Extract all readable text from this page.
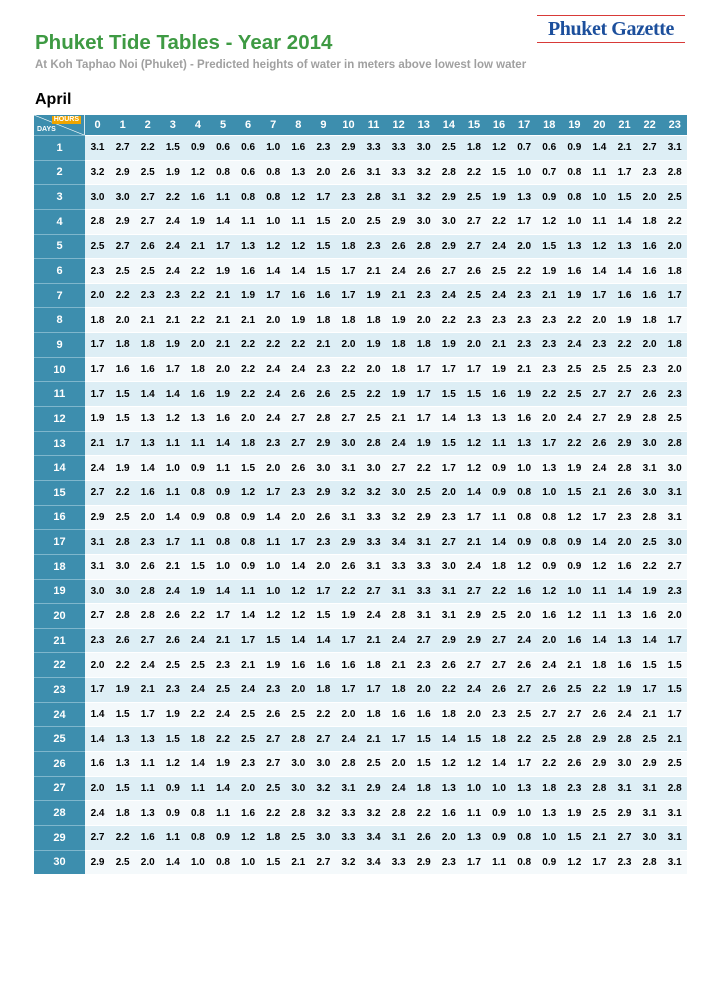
Phuket Tide Tables - Year 2014

At Koh Taphao Noi (Phuket) - Predicted heights of water in meters above lowest low water

Phuket Gazette
April
HOURS
DAYS	0	1	2	3	4	5	6	7	8	9	10	11	12	13	14	15	16	17	18	19	20	21	22	23
1	3.1	2.7	2.2	1.5	0.9	0.6	0.6	1.0	1.6	2.3	2.9	3.3	3.3	3.0	2.5	1.8	1.2	0.7	0.6	0.9	1.4	2.1	2.7	3.1
2	3.2	2.9	2.5	1.9	1.2	0.8	0.6	0.8	1.3	2.0	2.6	3.1	3.3	3.2	2.8	2.2	1.5	1.0	0.7	0.8	1.1	1.7	2.3	2.8
3	3.0	3.0	2.7	2.2	1.6	1.1	0.8	0.8	1.2	1.7	2.3	2.8	3.1	3.2	2.9	2.5	1.9	1.3	0.9	0.8	1.0	1.5	2.0	2.5
4	2.8	2.9	2.7	2.4	1.9	1.4	1.1	1.0	1.1	1.5	2.0	2.5	2.9	3.0	3.0	2.7	2.2	1.7	1.2	1.0	1.1	1.4	1.8	2.2
5	2.5	2.7	2.6	2.4	2.1	1.7	1.3	1.2	1.2	1.5	1.8	2.3	2.6	2.8	2.9	2.7	2.4	2.0	1.5	1.3	1.2	1.3	1.6	2.0
6	2.3	2.5	2.5	2.4	2.2	1.9	1.6	1.4	1.4	1.5	1.7	2.1	2.4	2.6	2.7	2.6	2.5	2.2	1.9	1.6	1.4	1.4	1.6	1.8
7	2.0	2.2	2.3	2.3	2.2	2.1	1.9	1.7	1.6	1.6	1.7	1.9	2.1	2.3	2.4	2.5	2.4	2.3	2.1	1.9	1.7	1.6	1.6	1.7
8	1.8	2.0	2.1	2.1	2.2	2.1	2.1	2.0	1.9	1.8	1.8	1.8	1.9	2.0	2.2	2.3	2.3	2.3	2.3	2.2	2.0	1.9	1.8	1.7
9	1.7	1.8	1.8	1.9	2.0	2.1	2.2	2.2	2.2	2.1	2.0	1.9	1.8	1.8	1.9	2.0	2.1	2.3	2.3	2.4	2.3	2.2	2.0	1.8
10	1.7	1.6	1.6	1.7	1.8	2.0	2.2	2.4	2.4	2.3	2.2	2.0	1.8	1.7	1.7	1.7	1.9	2.1	2.3	2.5	2.5	2.5	2.3	2.0
11	1.7	1.5	1.4	1.4	1.6	1.9	2.2	2.4	2.6	2.6	2.5	2.2	1.9	1.7	1.5	1.5	1.6	1.9	2.2	2.5	2.7	2.7	2.6	2.3
12	1.9	1.5	1.3	1.2	1.3	1.6	2.0	2.4	2.7	2.8	2.7	2.5	2.1	1.7	1.4	1.3	1.3	1.6	2.0	2.4	2.7	2.9	2.8	2.5
13	2.1	1.7	1.3	1.1	1.1	1.4	1.8	2.3	2.7	2.9	3.0	2.8	2.4	1.9	1.5	1.2	1.1	1.3	1.7	2.2	2.6	2.9	3.0	2.8
14	2.4	1.9	1.4	1.0	0.9	1.1	1.5	2.0	2.6	3.0	3.1	3.0	2.7	2.2	1.7	1.2	0.9	1.0	1.3	1.9	2.4	2.8	3.1	3.0
15	2.7	2.2	1.6	1.1	0.8	0.9	1.2	1.7	2.3	2.9	3.2	3.2	3.0	2.5	2.0	1.4	0.9	0.8	1.0	1.5	2.1	2.6	3.0	3.1
16	2.9	2.5	2.0	1.4	0.9	0.8	0.9	1.4	2.0	2.6	3.1	3.3	3.2	2.9	2.3	1.7	1.1	0.8	0.8	1.2	1.7	2.3	2.8	3.1
17	3.1	2.8	2.3	1.7	1.1	0.8	0.8	1.1	1.7	2.3	2.9	3.3	3.4	3.1	2.7	2.1	1.4	0.9	0.8	0.9	1.4	2.0	2.5	3.0
18	3.1	3.0	2.6	2.1	1.5	1.0	0.9	1.0	1.4	2.0	2.6	3.1	3.3	3.3	3.0	2.4	1.8	1.2	0.9	0.9	1.2	1.6	2.2	2.7
19	3.0	3.0	2.8	2.4	1.9	1.4	1.1	1.0	1.2	1.7	2.2	2.7	3.1	3.3	3.1	2.7	2.2	1.6	1.2	1.0	1.1	1.4	1.9	2.3
20	2.7	2.8	2.8	2.6	2.2	1.7	1.4	1.2	1.2	1.5	1.9	2.4	2.8	3.1	3.1	2.9	2.5	2.0	1.6	1.2	1.1	1.3	1.6	2.0
21	2.3	2.6	2.7	2.6	2.4	2.1	1.7	1.5	1.4	1.4	1.7	2.1	2.4	2.7	2.9	2.9	2.7	2.4	2.0	1.6	1.4	1.3	1.4	1.7
22	2.0	2.2	2.4	2.5	2.5	2.3	2.1	1.9	1.6	1.6	1.6	1.8	2.1	2.3	2.6	2.7	2.7	2.6	2.4	2.1	1.8	1.6	1.5	1.5
23	1.7	1.9	2.1	2.3	2.4	2.5	2.4	2.3	2.0	1.8	1.7	1.7	1.8	2.0	2.2	2.4	2.6	2.7	2.6	2.5	2.2	1.9	1.7	1.5
24	1.4	1.5	1.7	1.9	2.2	2.4	2.5	2.6	2.5	2.2	2.0	1.8	1.6	1.6	1.8	2.0	2.3	2.5	2.7	2.7	2.6	2.4	2.1	1.7
25	1.4	1.3	1.3	1.5	1.8	2.2	2.5	2.7	2.8	2.7	2.4	2.1	1.7	1.5	1.4	1.5	1.8	2.2	2.5	2.8	2.9	2.8	2.5	2.1
26	1.6	1.3	1.1	1.2	1.4	1.9	2.3	2.7	3.0	3.0	2.8	2.5	2.0	1.5	1.2	1.2	1.4	1.7	2.2	2.6	2.9	3.0	2.9	2.5
27	2.0	1.5	1.1	0.9	1.1	1.4	2.0	2.5	3.0	3.2	3.1	2.9	2.4	1.8	1.3	1.0	1.0	1.3	1.8	2.3	2.8	3.1	3.1	2.8
28	2.4	1.8	1.3	0.9	0.8	1.1	1.6	2.2	2.8	3.2	3.3	3.2	2.8	2.2	1.6	1.1	0.9	1.0	1.3	1.9	2.5	2.9	3.1	3.1
29	2.7	2.2	1.6	1.1	0.8	0.9	1.2	1.8	2.5	3.0	3.3	3.4	3.1	2.6	2.0	1.3	0.9	0.8	1.0	1.5	2.1	2.7	3.0	3.1
30	2.9	2.5	2.0	1.4	1.0	0.8	1.0	1.5	2.1	2.7	3.2	3.4	3.3	2.9	2.3	1.7	1.1	0.8	0.9	1.2	1.7	2.3	2.8	3.1
